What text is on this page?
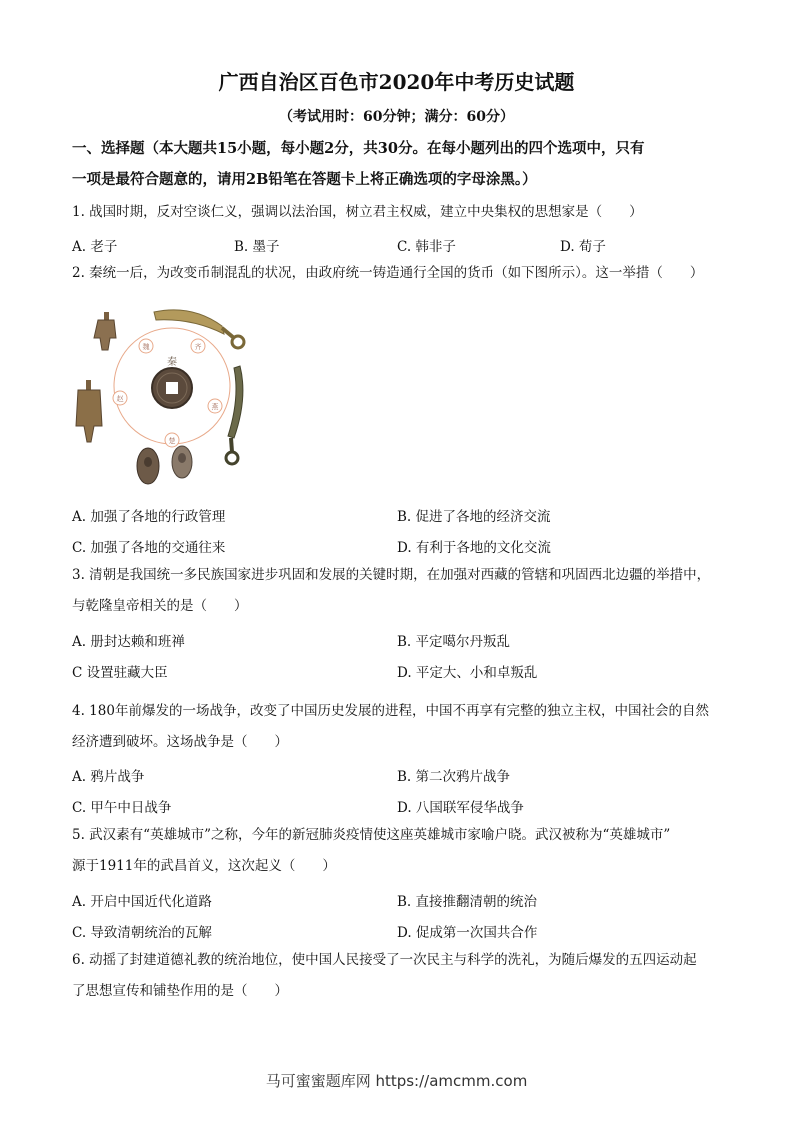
广西自治区百色市2020年中考历史试题
（考试用时：60分钟；满分：60分）
一、选择题（本大题共15小题，每小题2分，共30分。在每小题列出的四个选项中，只有
一项是最符合题意的，请用2B铅笔在答题卡上将正确选项的字母涂黑。）
1. 战国时期，反对空谈仁义，强调以法治国，树立君主权威，建立中央集权的思想家是（　　）
A. 老子	B. 墨子	C. 韩非子	D. 荀子
2. 秦统一后，为改变币制混乱的状况，由政府统一铸造通行全国的货币（如下图所示）。这一举措（　　）
魏	齐
燕
楚
赵
秦
A. 加强了各地的行政管理	B. 促进了各地的经济交流
C. 加强了各地的交通往来	D. 有利于各地的文化交流
3. 清朝是我国统一多民族国家进步巩固和发展的关键时期，在加强对西藏的管辖和巩固西北边疆的举措中，
与乾隆皇帝相关的是（　　）
A. 册封达赖和班禅	B. 平定噶尔丹叛乱
C 设置驻藏大臣	D. 平定大、小和卓叛乱
4. 180年前爆发的一场战争，改变了中国历史发展的进程，中国不再享有完整的独立主权，中国社会的自然
经济遭到破坏。这场战争是（　　）
A. 鸦片战争	B. 第二次鸦片战争
C. 甲午中日战争	D. 八国联军侵华战争
5. 武汉素有“英雄城市”之称，今年的新冠肺炎疫情使这座英雄城市家喻户晓。武汉被称为“英雄城市”
源于1911年的武昌首义，这次起义（　　）
A. 开启中国近代化道路	B. 直接推翻清朝的统治
C. 导致清朝统治的瓦解	D. 促成第一次国共合作
6. 动摇了封建道德礼教的统治地位，使中国人民接受了一次民主与科学的洗礼，为随后爆发的五四运动起
了思想宣传和铺垫作用的是（　　）
马可蜜蜜题库网 https://amcmm.com
